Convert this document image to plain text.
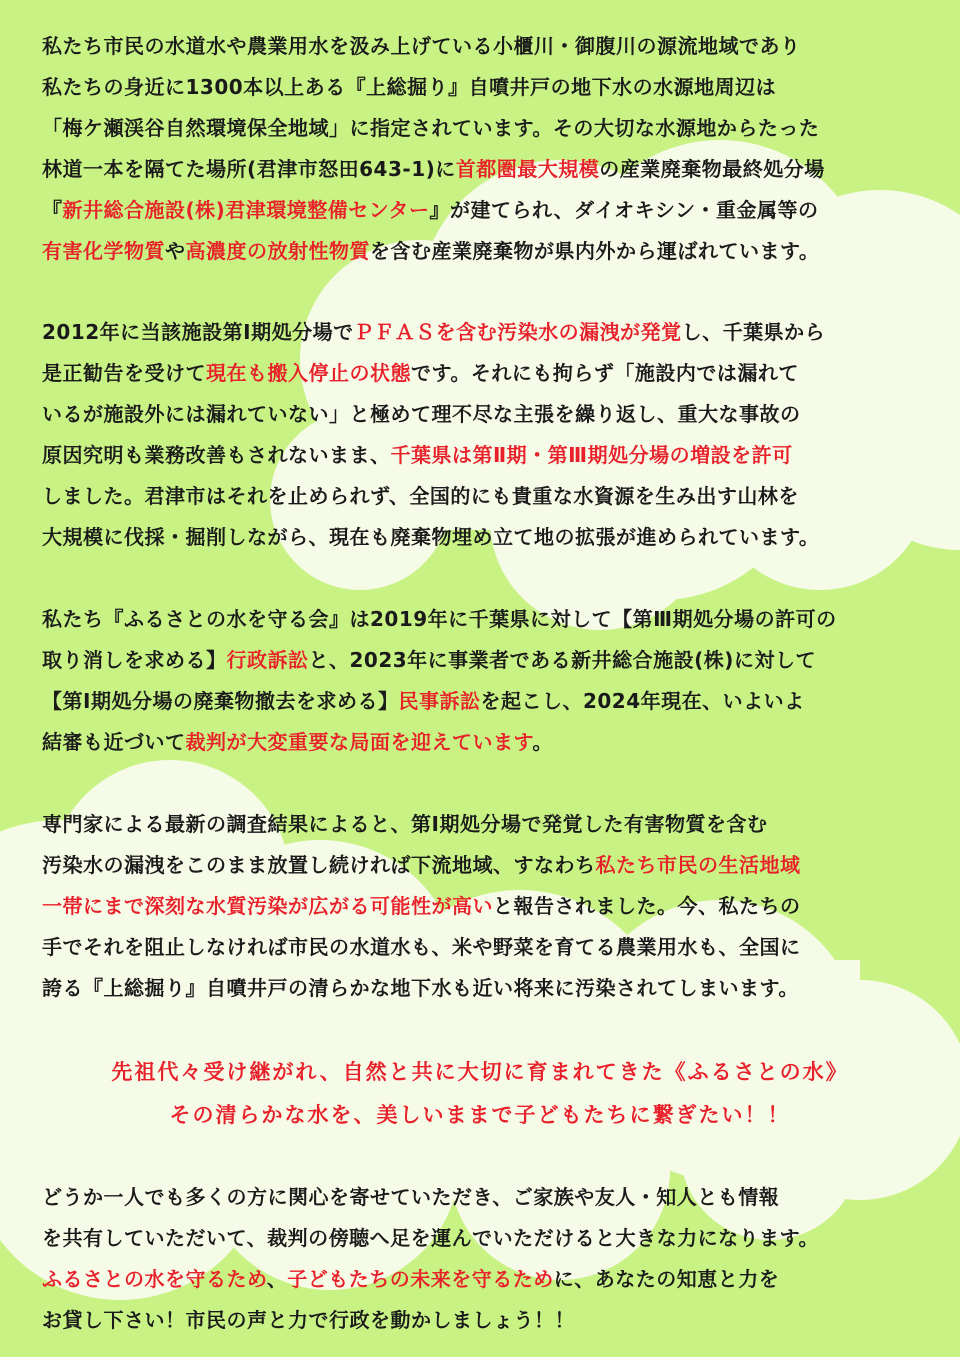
私たち市民の水道水や農業用水を汲み上げている小櫃川・御腹川の源流地域であり
私たちの身近に1300本以上ある『上総掘り』自噴井戸の地下水の水源地周辺は
「梅ケ瀬渓谷自然環境保全地域」に指定されています。その大切な水源地からたった
林道一本を隔てた場所(君津市怒田643-1)に首都圏最大規模の産業廃棄物最終処分場
『新井総合施設(株)君津環境整備センター』が建てられ、ダイオキシン・重金属等の
有害化学物質や高濃度の放射性物質を含む産業廃棄物が県内外から運ばれています。
2012年に当該施設第Ⅰ期処分場でＰＦＡＳを含む汚染水の漏洩が発覚し、千葉県から
是正勧告を受けて現在も搬入停止の状態です。それにも拘らず「施設内では漏れて
いるが施設外には漏れていない」と極めて理不尽な主張を繰り返し、重大な事故の
原因究明も業務改善もされないまま、千葉県は第Ⅱ期・第Ⅲ期処分場の増設を許可
しました。君津市はそれを止められず、全国的にも貴重な水資源を生み出す山林を
大規模に伐採・掘削しながら、現在も廃棄物埋め立て地の拡張が進められています。
私たち『ふるさとの水を守る会』は2019年に千葉県に対して【第Ⅲ期処分場の許可の
取り消しを求める】行政訴訟と、2023年に事業者である新井総合施設(株)に対して
【第Ⅰ期処分場の廃棄物撤去を求める】民事訴訟を起こし、2024年現在、いよいよ
結審も近づいて裁判が大変重要な局面を迎えています。
専門家による最新の調査結果によると、第Ⅰ期処分場で発覚した有害物質を含む
汚染水の漏洩をこのまま放置し続ければ下流地域、すなわち私たち市民の生活地域
一帯にまで深刻な水質汚染が広がる可能性が高いと報告されました。今、私たちの
手でそれを阻止しなければ市民の水道水も、米や野菜を育てる農業用水も、全国に
誇る『上総掘り』自噴井戸の清らかな地下水も近い将来に汚染されてしまいます。
先祖代々受け継がれ、自然と共に大切に育まれてきた《ふるさとの水》
その清らかな水を、美しいままで子どもたちに繋ぎたい！！
どうか一人でも多くの方に関心を寄せていただき、ご家族や友人・知人とも情報
を共有していただいて、裁判の傍聴へ足を運んでいただけると大きな力になります。
ふるさとの水を守るため、子どもたちの未来を守るために、あなたの知恵と力を
お貸し下さい！市民の声と力で行政を動かしましょう！！
